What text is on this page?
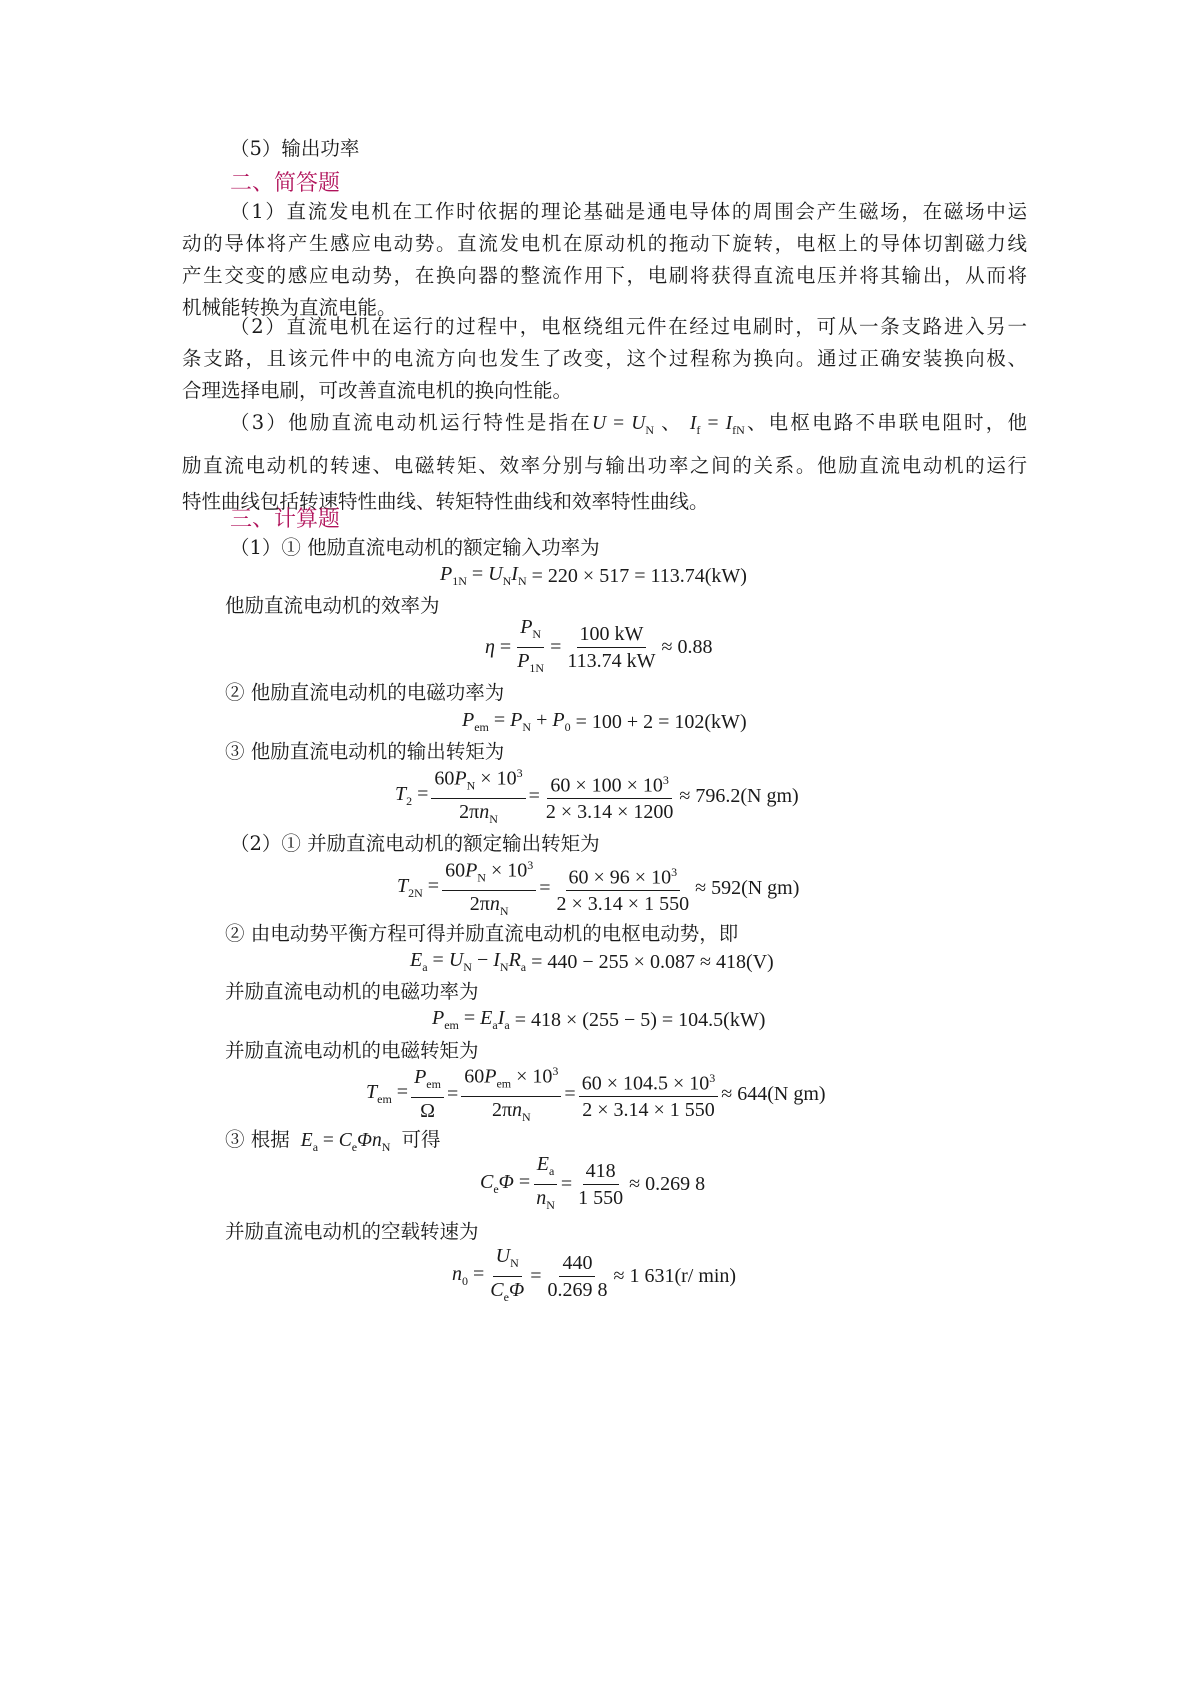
（5）输出功率
二、简答题
（1）直流发电机在工作时依据的理论基础是通电导体的周围会产生磁场，在磁场中运
动的导体将产生感应电动势。直流发电机在原动机的拖动下旋转，电枢上的导体切割磁力线
产生交变的感应电动势，在换向器的整流作用下，电刷将获得直流电压并将其输出，从而将
机械能转换为直流电能。
（2）直流电机在运行的过程中，电枢绕组元件在经过电刷时，可从一条支路进入另一
条支路，且该元件中的电流方向也发生了改变，这个过程称为换向。通过正确安装换向极、
合理选择电刷，可改善直流电机的换向性能。
（3）他励直流电动机运行特性是指在$U = U_N$ 、 $I_f = I_{fN}$、电枢电路不串联电阻时，他
励直流电动机的转速、电磁转矩、效率分别与输出功率之间的关系。他励直流电动机的运行
特性曲线包括转速特性曲线、转矩特性曲线和效率特性曲线。
三、计算题
（1）① 他励直流电动机的额定输入功率为
$P_{1N} = U_NI_N = 220 \times 517 = 113.74(kW)$
他励直流电动机的效率为
$\eta = \frac{P_N}{P_{1N}} = \frac{100 kW}{113.74 kW} \approx 0.88$
② 他励直流电动机的电磁功率为
$P_{em} = P_N + P_0 = 100 + 2 = 102(kW)$
③ 他励直流电动机的输出转矩为
$T_2 = \frac{60P_N \times 10^3}{2\pi n_N} = \frac{60 \times 100 \times 10^3}{2 \times 3.14 \times 1200} \approx 796.2(N$ gm)
（2）① 并励直流电动机的额定输出转矩为
$T_{2N} = \frac{60P_N \times 10^3}{2\pi n_N} = \frac{60 \times 96 \times 10^3}{2 \times 3.14 \times 1 550} \approx 592(N$ gm)
② 由电动势平衡方程可得并励直流电动机的电枢电动势，即
$E_a = U_N - I_NR_a = 440 - 255 \times 0.087 \approx 418(V)$
并励直流电动机的电磁功率为
$P_{em} = E_aI_a = 418 \times (255 - 5) = 104.5(kW)$
并励直流电动机的电磁转矩为
$T_{em} = \frac{P_{em}}{\Omega} = \frac{60P_{em} \times 10^3}{2\pi n_N} = \frac{60 \times 104.5 \times 10^3}{2 \times 3.14 \times 1 550} \approx 644(N$ gm)
③ 根据 $E_a = C_e\Phi n_N$ 可得
$C_e\Phi = \frac{E_a}{n_N} = \frac{418}{1 550} \approx 0.269$ 8
并励直流电动机的空载转速为
$n_0 = \frac{U_N}{C_e\Phi} = \frac{440}{0.269 8} \approx 1$ 631(r/ min)
